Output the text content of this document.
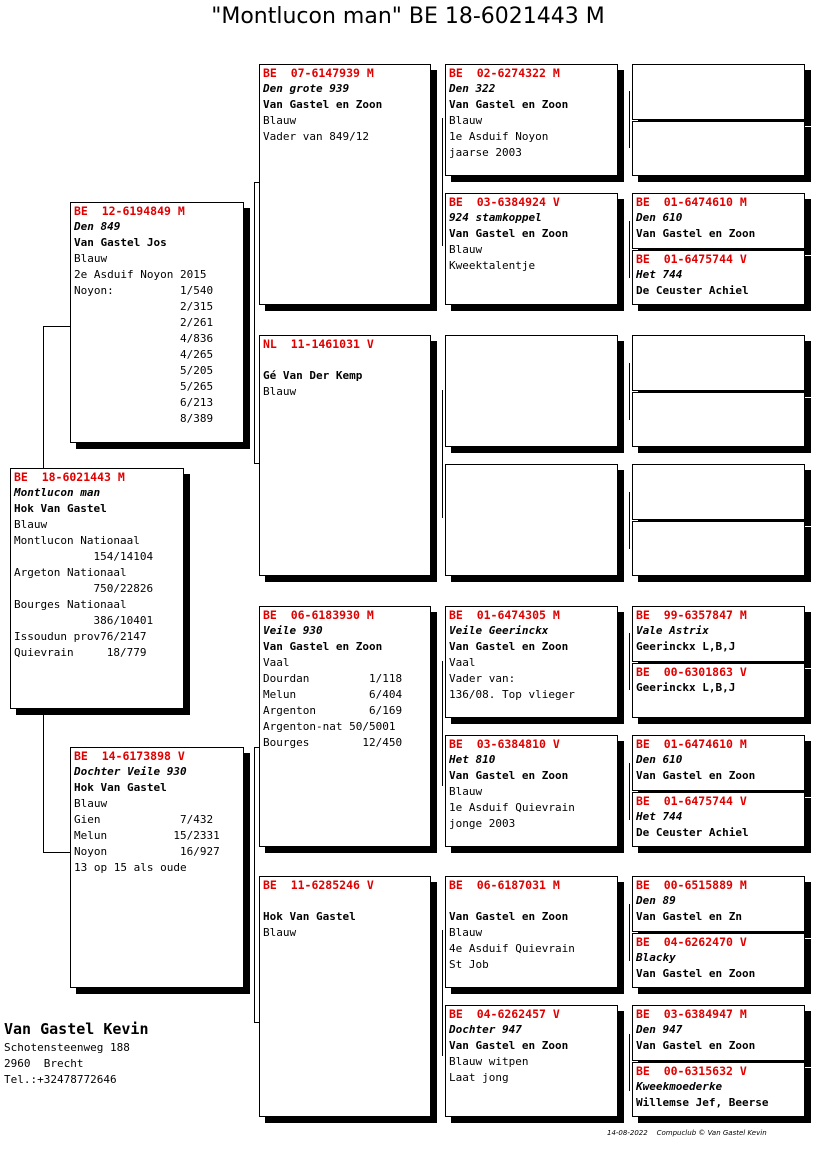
"Montlucon man" BE 18-6021443 M
BE  18-6021443 M
Montlucon man
Hok Van Gastel
Blauw
Montlucon Nationaal
154/14104
Argeton Nationaal
750/22826
Bourges Nationaal
386/10401
Issoudun prov76/2147
Quievrain     18/779
BE  12-6194849 M
Den 849
Van Gastel Jos
Blauw
2e Asduif Noyon 2015
Noyon:          1/540
2/315
2/261
4/836
4/265
5/205
5/265
6/213
8/389
BE  14-6173898 V
Dochter Veile 930
Hok Van Gastel
Blauw
Gien            7/432
Melun          15/2331
Noyon           16/927
13 op 15 als oude
BE  07-6147939 M
Den grote 939
Van Gastel en Zoon
Blauw
Vader van 849/12
NL  11-1461031 V

Gé Van Der Kemp
Blauw
BE  06-6183930 M
Veile 930
Van Gastel en Zoon
Vaal
Dourdan         1/118
Melun           6/404
Argenton        6/169
Argenton-nat 50/5001
Bourges        12/450
BE  11-6285246 V

Hok Van Gastel
Blauw
BE  02-6274322 M
Den 322
Van Gastel en Zoon
Blauw
1e Asduif Noyon
jaarse 2003
BE  03-6384924 V
924 stamkoppel
Van Gastel en Zoon
Blauw
Kweektalentje
BE  01-6474305 M
Veile Geerinckx
Van Gastel en Zoon
Vaal
Vader van:
136/08. Top vlieger
BE  03-6384810 V
Het 810
Van Gastel en Zoon
Blauw
1e Asduif Quievrain
jonge 2003
BE  06-6187031 M

Van Gastel en Zoon
Blauw
4e Asduif Quievrain
St Job
BE  04-6262457 V
Dochter 947
Van Gastel en Zoon
Blauw witpen
Laat jong
BE  01-6474610 M
Den 610
Van Gastel en Zoon
BE  01-6475744 V
Het 744
De Ceuster Achiel
BE  99-6357847 M
Vale Astrix
Geerinckx L,B,J
BE  00-6301863 V
Geerinckx L,B,J
BE  01-6474610 M
Den 610
Van Gastel en Zoon
BE  01-6475744 V
Het 744
De Ceuster Achiel
BE  00-6515889 M
Den 89
Van Gastel en Zn
BE  04-6262470 V
Blacky
Van Gastel en Zoon
BE  03-6384947 M
Den 947
Van Gastel en Zoon
BE  00-6315632 V
Kweekmoederke
Willemse Jef, Beerse
Van Gastel Kevin
Schotensteenweg 188
2960  Brecht
Tel.:+32478772646
14-08-2022 Compuclub © Van Gastel Kevin
